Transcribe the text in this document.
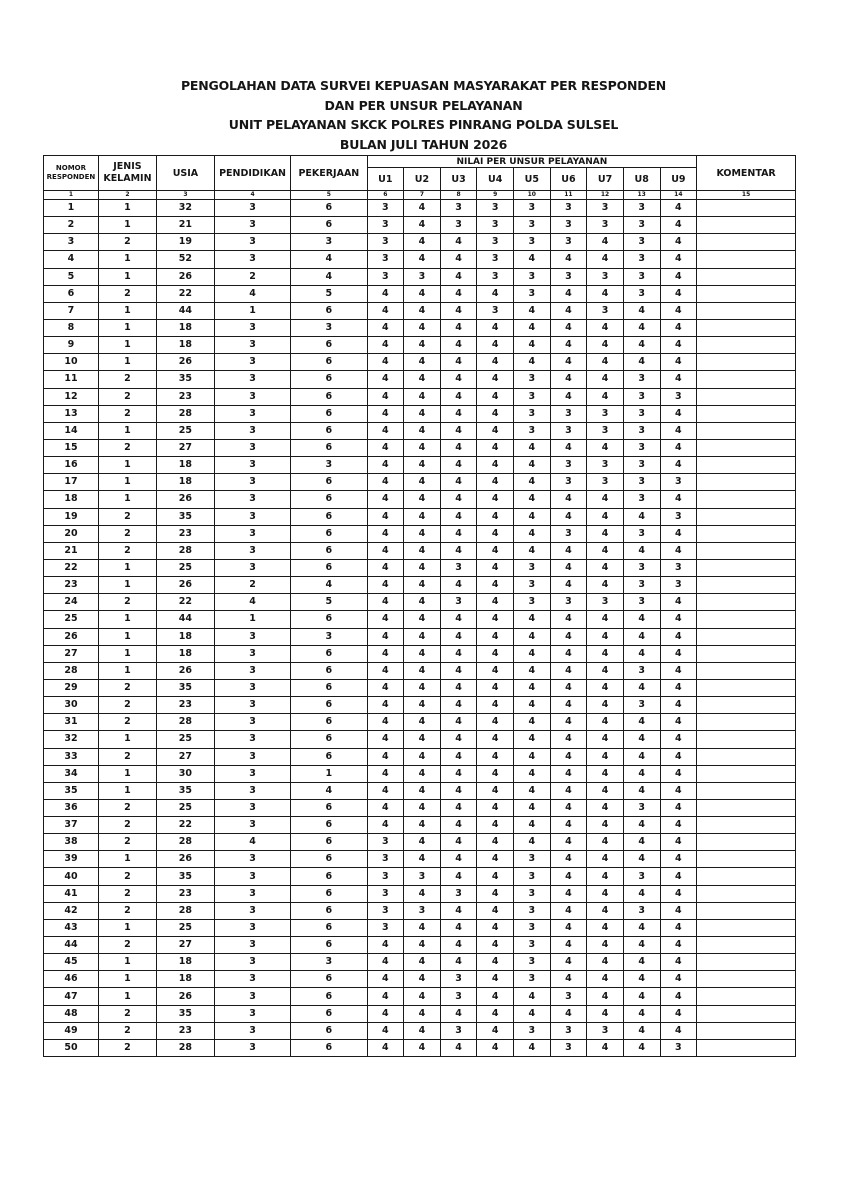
PENGOLAHAN DATA SURVEI KEPUASAN MASYARAKAT PER RESPONDEN
DAN PER UNSUR PELAYANAN
UNIT PELAYANAN SKCK POLRES PINRANG POLDA SULSEL
BULAN JULI TAHUN 2026
NOMOR RESPONDEN	JENIS KELAMIN	USIA	PENDIDIKAN	PEKERJAAN	NILAI PER UNSUR PELAYANAN									KOMENTAR
					U1	U2	U3	U4	U5	U6	U7	U8	U9	
1	2	3	4	5	6	7	8	9	10	11	12	13	14	15
1	1	32	3	6	3	4	3	3	3	3	3	3	4	
2	1	21	3	6	3	4	3	3	3	3	3	3	4	
3	2	19	3	3	3	4	4	3	3	3	4	3	4	
4	1	52	3	4	3	4	4	3	4	4	4	3	4	
5	1	26	2	4	3	3	4	3	3	3	3	3	4	
6	2	22	4	5	4	4	4	4	3	4	4	3	4	
7	1	44	1	6	4	4	4	3	4	4	3	4	4	
8	1	18	3	3	4	4	4	4	4	4	4	4	4	
9	1	18	3	6	4	4	4	4	4	4	4	4	4	
10	1	26	3	6	4	4	4	4	4	4	4	4	4	
11	2	35	3	6	4	4	4	4	3	4	4	3	4	
12	2	23	3	6	4	4	4	4	3	4	4	3	3	
13	2	28	3	6	4	4	4	4	3	3	3	3	4	
14	1	25	3	6	4	4	4	4	3	3	3	3	4	
15	2	27	3	6	4	4	4	4	4	4	4	3	4	
16	1	18	3	3	4	4	4	4	4	3	3	3	4	
17	1	18	3	6	4	4	4	4	4	3	3	3	3	
18	1	26	3	6	4	4	4	4	4	4	4	3	4	
19	2	35	3	6	4	4	4	4	4	4	4	4	3	
20	2	23	3	6	4	4	4	4	4	3	4	3	4	
21	2	28	3	6	4	4	4	4	4	4	4	4	4	
22	1	25	3	6	4	4	3	4	3	4	4	3	3	
23	1	26	2	4	4	4	4	4	3	4	4	3	3	
24	2	22	4	5	4	4	3	4	3	3	3	3	4	
25	1	44	1	6	4	4	4	4	4	4	4	4	4	
26	1	18	3	3	4	4	4	4	4	4	4	4	4	
27	1	18	3	6	4	4	4	4	4	4	4	4	4	
28	1	26	3	6	4	4	4	4	4	4	4	3	4	
29	2	35	3	6	4	4	4	4	4	4	4	4	4	
30	2	23	3	6	4	4	4	4	4	4	4	3	4	
31	2	28	3	6	4	4	4	4	4	4	4	4	4	
32	1	25	3	6	4	4	4	4	4	4	4	4	4	
33	2	27	3	6	4	4	4	4	4	4	4	4	4	
34	1	30	3	1	4	4	4	4	4	4	4	4	4	
35	1	35	3	4	4	4	4	4	4	4	4	4	4	
36	2	25	3	6	4	4	4	4	4	4	4	3	4	
37	2	22	3	6	4	4	4	4	4	4	4	4	4	
38	2	28	4	6	3	4	4	4	4	4	4	4	4	
39	1	26	3	6	3	4	4	4	3	4	4	4	4	
40	2	35	3	6	3	3	4	4	3	4	4	3	4	
41	2	23	3	6	3	4	3	4	3	4	4	4	4	
42	2	28	3	6	3	3	4	4	3	4	4	3	4	
43	1	25	3	6	3	4	4	4	3	4	4	4	4	
44	2	27	3	6	4	4	4	4	3	4	4	4	4	
45	1	18	3	3	4	4	4	4	3	4	4	4	4	
46	1	18	3	6	4	4	3	4	3	4	4	4	4	
47	1	26	3	6	4	4	3	4	4	3	4	4	4	
48	2	35	3	6	4	4	4	4	4	4	4	4	4	
49	2	23	3	6	4	4	3	4	3	3	3	4	4	
50	2	28	3	6	4	4	4	4	4	3	4	4	3	
